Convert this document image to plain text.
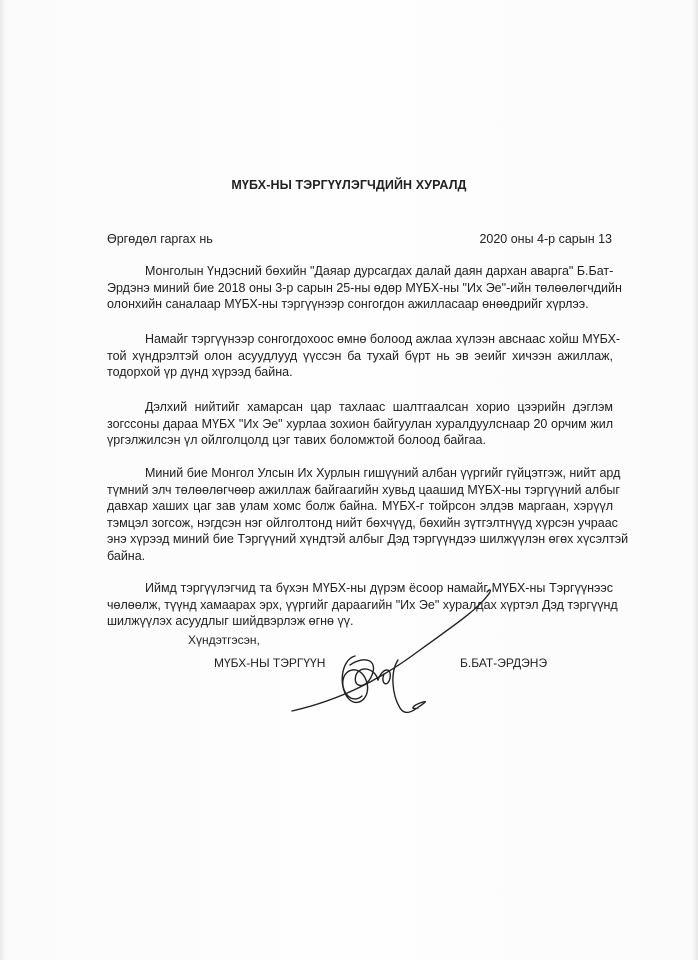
МҮБХ-НЫ ТЭРГҮҮЛЭГЧДИЙН ХУРАЛД
Өргөдөл гаргах нь	2020 оны 4-р сарын 13
Монголын Үндэсний бөхийн "Даяар дурсагдах далай даян дархан аварга" Б.Бат-
Эрдэнэ миний бие 2018 оны 3-р сарын 25-ны өдөр МҮБХ-ны "Их Эе"-ийн төлөөлөгчдийн
олонхийн саналаар МҮБХ-ны тэргүүнээр сонгогдон ажилласаар өнөөдрийг хүрлээ.
Намайг тэргүүнээр сонгогдохоос өмнө болоод ажлаа хүлээн авснаас хойш МҮБХ-
той хүндрэлтэй олон асуудлууд үүссэн ба тухай бүрт нь эв эеийг хичээн ажиллаж,
тодорхой үр дүнд хүрээд байна.
Дэлхий нийтийг хамарсан цар тахлаас шалтгаалсан хорио цээрийн дэглэм
зогссоны дараа МҮБХ "Их Эе" хурлаа зохион байгуулан хуралдуулснаар 20 орчим жил
үргэлжилсэн үл ойлголцолд цэг тавих боломжтой болоод байгаа.
Миний бие Монгол Улсын Их Хурлын гишүүний албан үүргийг гүйцэтгэж, нийт ард
түмний элч төлөөлөгчөөр ажиллаж байгаагийн хувьд цаашид МҮБХ-ны тэргүүний албыг
давхар хаших цаг зав улам хомс болж байна. МҮБХ-г тойрсон элдэв маргаан, хэрүүл
тэмцэл зогсож, нэгдсэн нэг ойлголтонд нийт бөхчүүд, бөхийн зүтгэлтнүүд хүрсэн учраас
энэ хүрээд миний бие Тэргүүний хүндтэй албыг Дэд тэргүүндээ шилжүүлэн өгөх хүсэлтэй
байна.
Иймд тэргүүлэгчид та бүхэн МҮБХ-ны дүрэм ёсоор намайг МҮБХ-ны Тэргүүнээс
чөлөөлж, түүнд хамаарах эрх, үүргийг дараагийн "Их Эе" хуралдах хүртэл Дэд тэргүүнд
шилжүүлэх асуудлыг шийдвэрлэж өгнө үү.
Хүндэтгэсэн,
МҮБХ-НЫ ТЭРГҮҮН	Б.БАТ-ЭРДЭНЭ
